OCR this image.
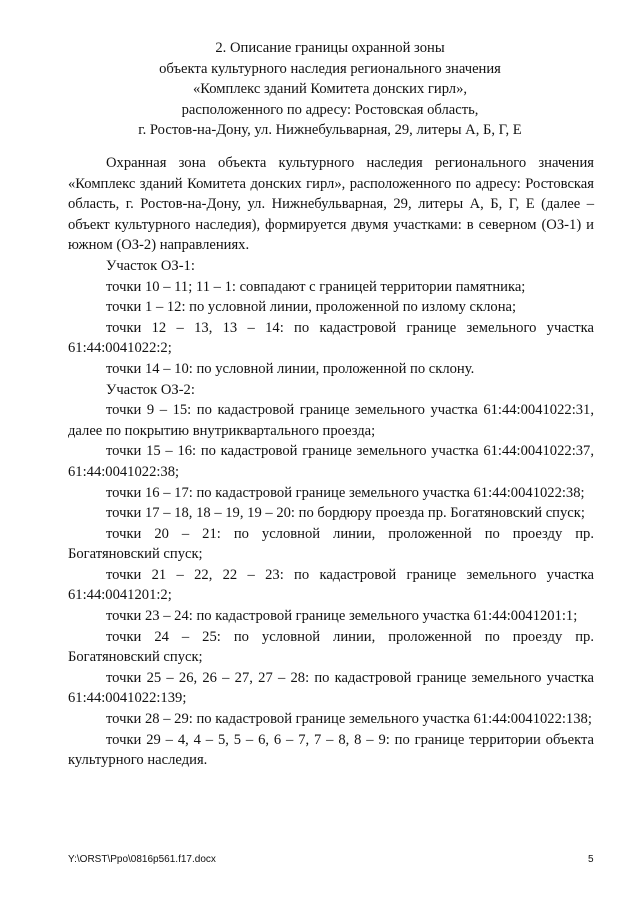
2. Описание границы охранной зоны
объекта культурного наследия регионального значения
«Комплекс зданий Комитета донских гирл»,
расположенного по адресу: Ростовская область,
г. Ростов-на-Дону, ул. Нижнебульварная, 29, литеры А, Б, Г, Е

Охранная зона объекта культурного наследия регионального значения «Комплекс зданий Комитета донских гирл», расположенного по адресу: Ростовская область, г. Ростов-на-Дону, ул. Нижнебульварная, 29, литеры А, Б, Г, Е (далее – объект культурного наследия), формируется двумя участками: в северном (ОЗ-1) и южном (ОЗ-2) направлениях.

Участок ОЗ-1:

точки 10 – 11; 11 – 1: совпадают с границей территории памятника;

точки 1 – 12: по условной линии, проложенной по излому склона;

точки 12 – 13, 13 – 14: по кадастровой границе земельного участка 61:44:0041022:2;

точки 14 – 10: по условной линии, проложенной по склону.

Участок ОЗ-2:

точки 9 – 15: по кадастровой границе земельного участка 61:44:0041022:31, далее по покрытию внутриквартального проезда;

точки 15 – 16: по кадастровой границе земельного участка 61:44:0041022:37, 61:44:0041022:38;

точки 16 – 17: по кадастровой границе земельного участка 61:44:0041022:38;

точки 17 – 18, 18 – 19, 19 – 20: по бордюру проезда пр. Богатяновский спуск;

точки 20 – 21: по условной линии, проложенной по проезду пр. Богатяновский спуск;

точки 21 – 22, 22 – 23: по кадастровой границе земельного участка 61:44:0041201:2;

точки 23 – 24: по кадастровой границе земельного участка 61:44:0041201:1;

точки 24 – 25: по условной линии, проложенной по проезду пр. Богатяновский спуск;

точки 25 – 26, 26 – 27, 27 – 28: по кадастровой границе земельного участка 61:44:0041022:139;

точки 28 – 29: по кадастровой границе земельного участка 61:44:0041022:138;

точки 29 – 4, 4 – 5, 5 – 6, 6 – 7, 7 – 8, 8 – 9: по границе территории объекта культурного наследия.

Y:\ORST\Ppo\0816p561.f17.docx	5
